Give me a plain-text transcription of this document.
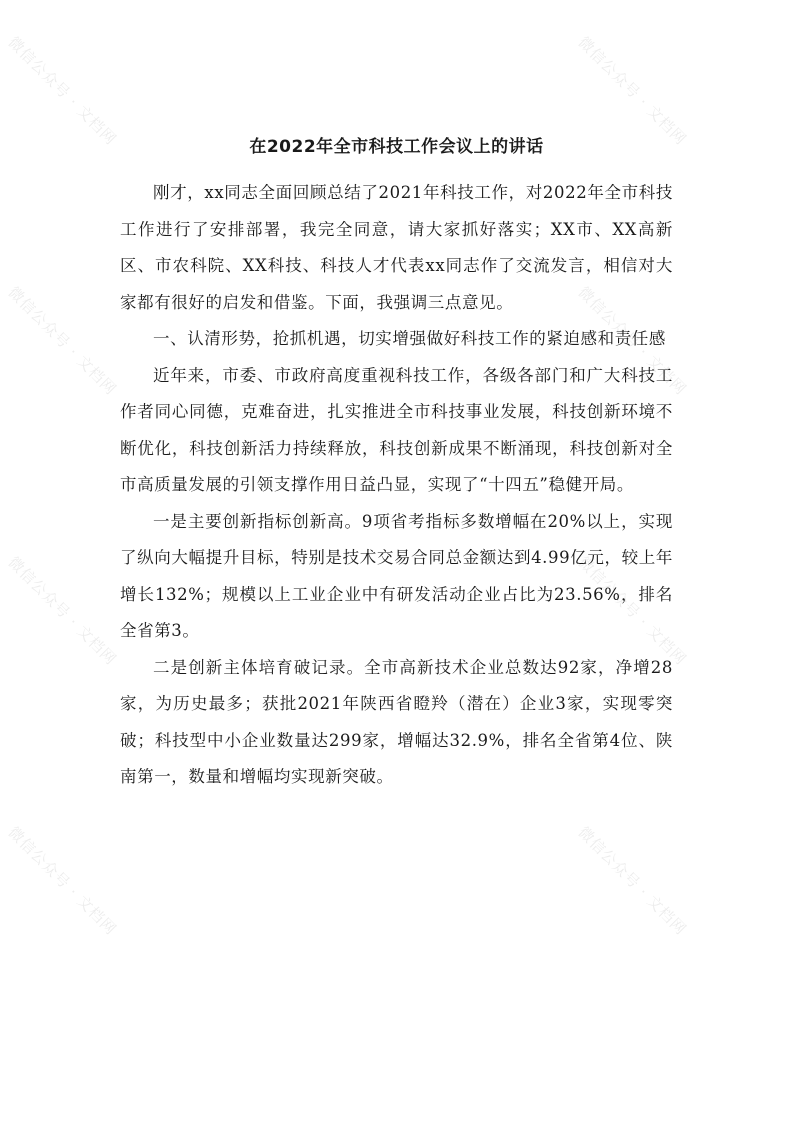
微信公众号 · 文档网	微信公众号 · 文档网
微信公众号 · 文档网	微信公众号 · 文档网
微信公众号 · 文档网	微信公众号 · 文档网
微信公众号 · 文档网	微信公众号 · 文档网
在2022年全市科技工作会议上的讲话

刚才，xx同志全面回顾总结了2021年科技工作，对2022年全市科技工作进行了安排部署，我完全同意，请大家抓好落实；XX市、XX高新区、市农科院、XX科技、科技人才代表xx同志作了交流发言，相信对大家都有很好的启发和借鉴。下面，我强调三点意见。

一、认清形势，抢抓机遇，切实增强做好科技工作的紧迫感和责任感

近年来，市委、市政府高度重视科技工作，各级各部门和广大科技工作者同心同德，克难奋进，扎实推进全市科技事业发展，科技创新环境不断优化，科技创新活力持续释放，科技创新成果不断涌现，科技创新对全市高质量发展的引领支撑作用日益凸显，实现了“十四五”稳健开局。

一是主要创新指标创新高。9项省考指标多数增幅在20%以上，实现了纵向大幅提升目标，特别是技术交易合同总金额达到4.99亿元，较上年增长132%；规模以上工业企业中有研发活动企业占比为23.56%，排名全省第3。

二是创新主体培育破记录。全市高新技术企业总数达92家，净增28家，为历史最多；获批2021年陕西省瞪羚（潜在）企业3家，实现零突破；科技型中小企业数量达299家，增幅达32.9%，排名全省第4位、陕南第一，数量和增幅均实现新突破。
